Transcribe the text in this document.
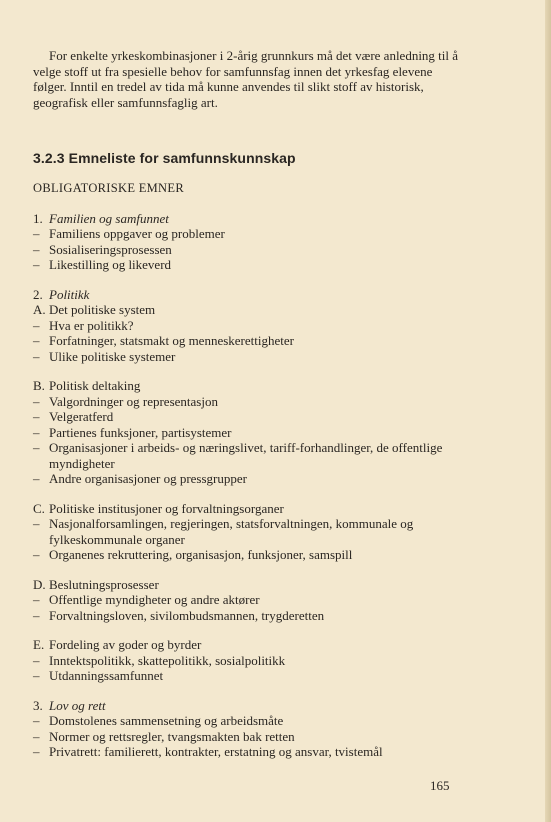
For enkelte yrkeskombinasjoner i 2-årig grunnkurs må det være anledning til å velge stoff ut fra spesielle behov for samfunnsfag innen det yrkesfag elevene følger. Inntil en tredel av tida må kunne anvendes til slikt stoff av historisk, geografisk eller samfunnsfaglig art.

3.2.3 Emneliste for samfunnskunnskap
OBLIGATORISKE EMNER
1. Familien og samfunnet
– Familiens oppgaver og problemer
– Sosialiseringsprosessen
– Likestilling og likeverd
2. Politikk
A. Det politiske system
– Hva er politikk?
– Forfatninger, statsmakt og menneskerettigheter
– Ulike politiske systemer
B. Politisk deltaking
– Valgordninger og representasjon
– Velgeratferd
– Partienes funksjoner, partisystemer
– Organisasjoner i arbeids- og næringslivet, tariff-forhandlinger, de offentlige myndigheter
– Andre organisasjoner og pressgrupper
C. Politiske institusjoner og forvaltningsorganer
– Nasjonalforsamlingen, regjeringen, statsforvaltningen, kommunale og fylkeskommunale organer
– Organenes rekruttering, organisasjon, funksjoner, samspill
D. Beslutningsprosesser
– Offentlige myndigheter og andre aktører
– Forvaltningsloven, sivilombudsmannen, trygderetten
E. Fordeling av goder og byrder
– Inntektspolitikk, skattepolitikk, sosialpolitikk
– Utdanningssamfunnet
3. Lov og rett
– Domstolenes sammensetning og arbeidsmåte
– Normer og rettsregler, tvangsmakten bak retten
– Privatrett: familierett, kontrakter, erstatning og ansvar, tvistemål
165
